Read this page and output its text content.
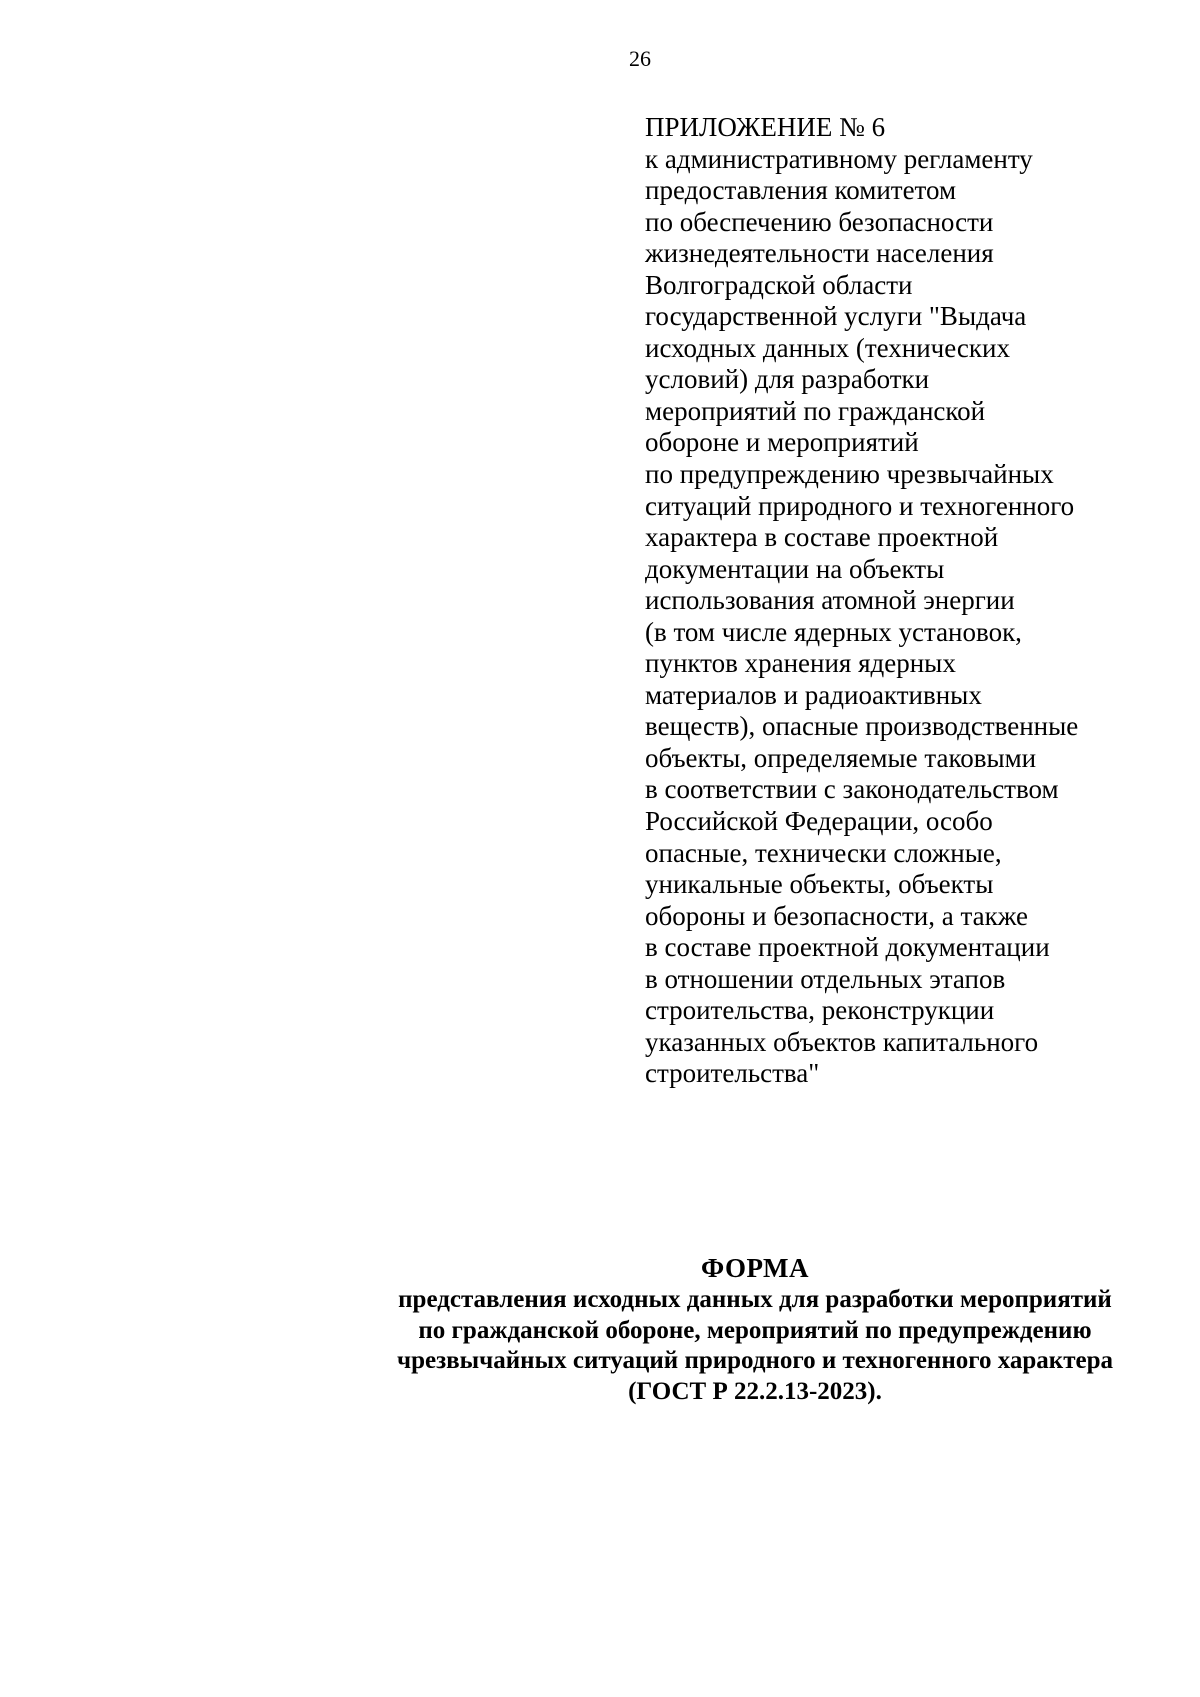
26
ПРИЛОЖЕНИЕ № 6
к административному регламенту
предоставления комитетом
по обеспечению безопасности
жизнедеятельности населения
Волгоградской области
государственной услуги "Выдача
исходных данных (технических
условий) для разработки
мероприятий по гражданской
обороне и мероприятий
по предупреждению чрезвычайных
ситуаций природного и техногенного
характера в составе проектной
документации на объекты
использования атомной энергии
(в том числе ядерных установок,
пунктов хранения ядерных
материалов и радиоактивных
веществ), опасные производственные
объекты, определяемые таковыми
в соответствии с законодательством
Российской Федерации, особо
опасные, технически сложные,
уникальные объекты, объекты
обороны и безопасности, а также
в составе проектной документации
в отношении отдельных этапов
строительства, реконструкции
указанных объектов капитального
строительства"
ФОРМА
представления исходных данных для разработки мероприятий
по гражданской обороне, мероприятий по предупреждению
чрезвычайных ситуаций природного и техногенного характера
(ГОСТ Р 22.2.13-2023).
